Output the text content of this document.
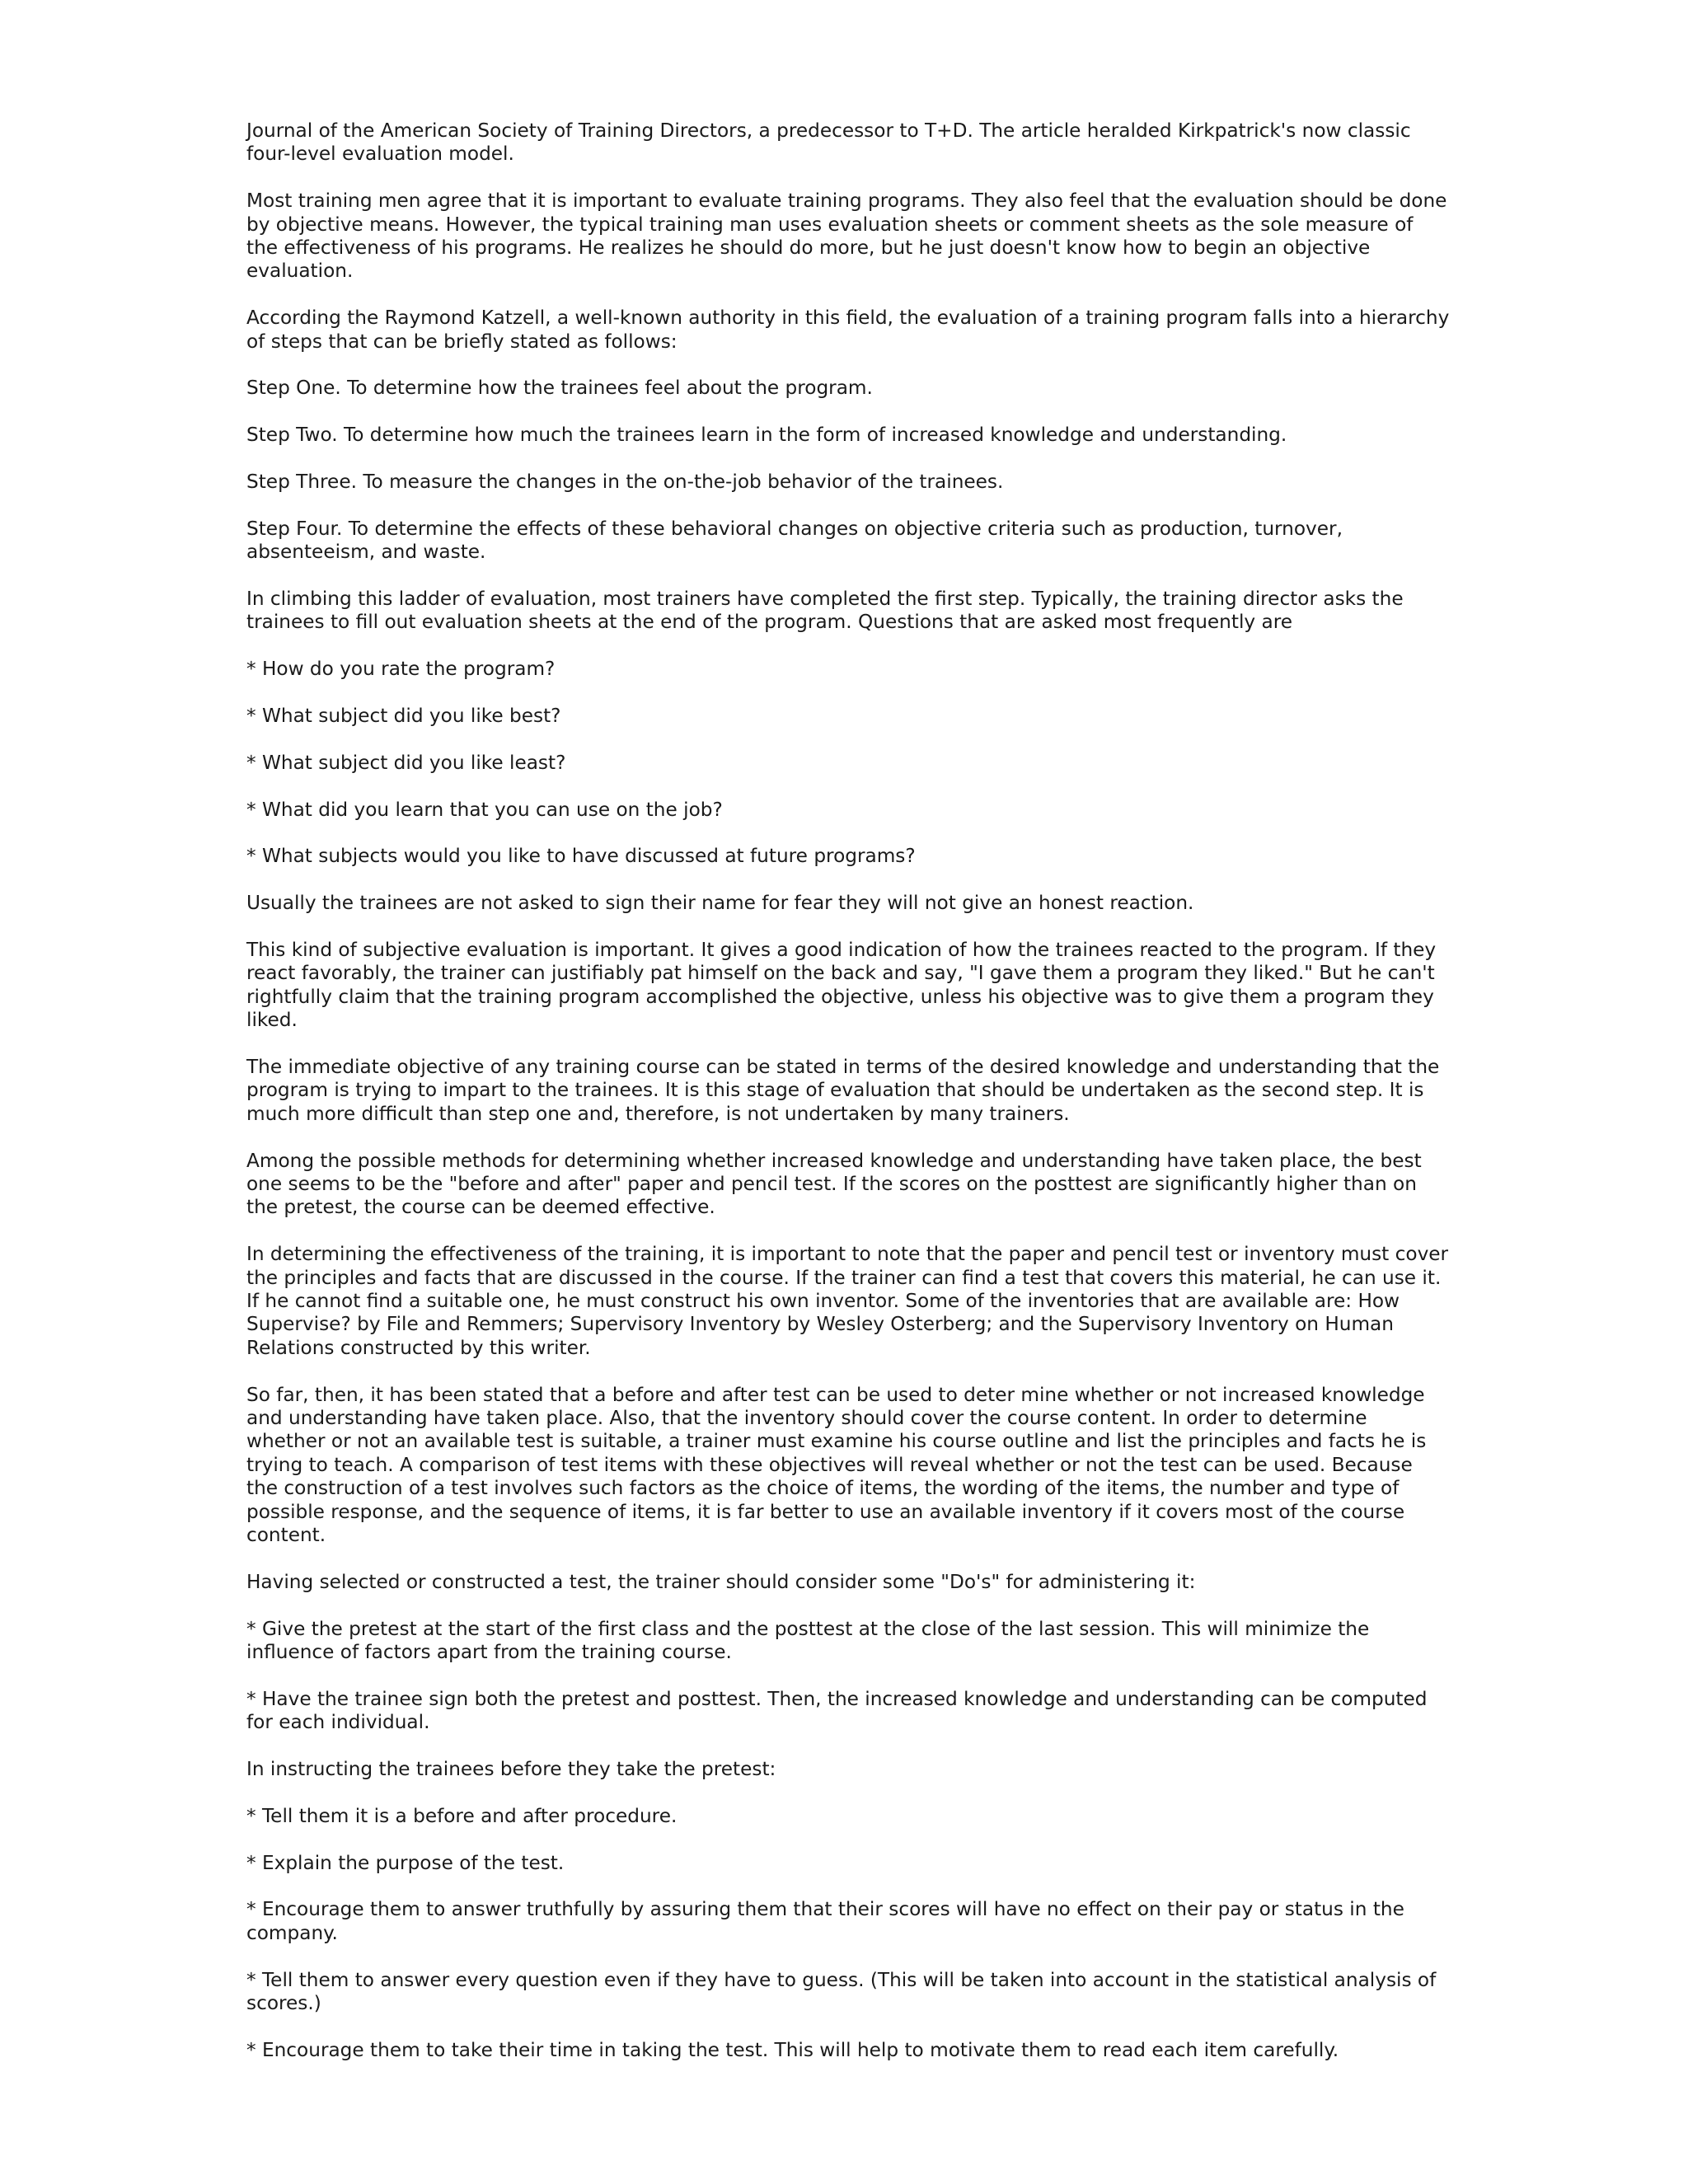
Journal of the American Society of Training Directors, a predecessor to T+D. The article heralded Kirkpatrick's now classic four-level evaluation model.

Most training men agree that it is important to evaluate training programs. They also feel that the evaluation should be done by objective means. However, the typical training man uses evaluation sheets or comment sheets as the sole measure of the effectiveness of his programs. He realizes he should do more, but he just doesn't know how to begin an objective evaluation.

According the Raymond Katzell, a well-known authority in this field, the evaluation of a training program falls into a hierarchy of steps that can be briefly stated as follows:

Step One. To determine how the trainees feel about the program.

Step Two. To determine how much the trainees learn in the form of increased knowledge and understanding.

Step Three. To measure the changes in the on-the-job behavior of the trainees.

Step Four. To determine the effects of these behavioral changes on objective criteria such as production, turnover, absenteeism, and waste.

In climbing this ladder of evaluation, most trainers have completed the first step. Typically, the training director asks the trainees to fill out evaluation sheets at the end of the program. Questions that are asked most frequently are

* How do you rate the program?

* What subject did you like best?

* What subject did you like least?

* What did you learn that you can use on the job?

* What subjects would you like to have discussed at future programs?

Usually the trainees are not asked to sign their name for fear they will not give an honest reaction.

This kind of subjective evaluation is important. It gives a good indication of how the trainees reacted to the program. If they react favorably, the trainer can justifiably pat himself on the back and say, "I gave them a program they liked." But he can't rightfully claim that the training program accomplished the objective, unless his objective was to give them a program they liked.

The immediate objective of any training course can be stated in terms of the desired knowledge and understanding that the program is trying to impart to the trainees. It is this stage of evaluation that should be undertaken as the second step. It is much more difficult than step one and, therefore, is not undertaken by many trainers.

Among the possible methods for determining whether increased knowledge and understanding have taken place, the best one seems to be the "before and after" paper and pencil test. If the scores on the posttest are significantly higher than on the pretest, the course can be deemed effective.

In determining the effectiveness of the training, it is important to note that the paper and pencil test or inventory must cover the principles and facts that are discussed in the course. If the trainer can find a test that covers this material, he can use it. If he cannot find a suitable one, he must construct his own inventor. Some of the inventories that are available are: How Supervise? by File and Remmers; Supervisory Inventory by Wesley Osterberg; and the Supervisory Inventory on Human Relations constructed by this writer.

So far, then, it has been stated that a before and after test can be used to deter mine whether or not increased knowledge and understanding have taken place. Also, that the inventory should cover the course content. In order to determine whether or not an available test is suitable, a trainer must examine his course outline and list the principles and facts he is trying to teach. A comparison of test items with these objectives will reveal whether or not the test can be used. Because the construction of a test involves such factors as the choice of items, the wording of the items, the number and type of possible response, and the sequence of items, it is far better to use an available inventory if it covers most of the course content.

Having selected or constructed a test, the trainer should consider some "Do's" for administering it:

* Give the pretest at the start of the first class and the posttest at the close of the last session. This will minimize the influence of factors apart from the training course.

* Have the trainee sign both the pretest and posttest. Then, the increased knowledge and understanding can be computed for each individual.

In instructing the trainees before they take the pretest:

* Tell them it is a before and after procedure.

* Explain the purpose of the test.

* Encourage them to answer truthfully by assuring them that their scores will have no effect on their pay or status in the company.

* Tell them to answer every question even if they have to guess. (This will be taken into account in the statistical analysis of scores.)

* Encourage them to take their time in taking the test. This will help to motivate them to read each item carefully.
